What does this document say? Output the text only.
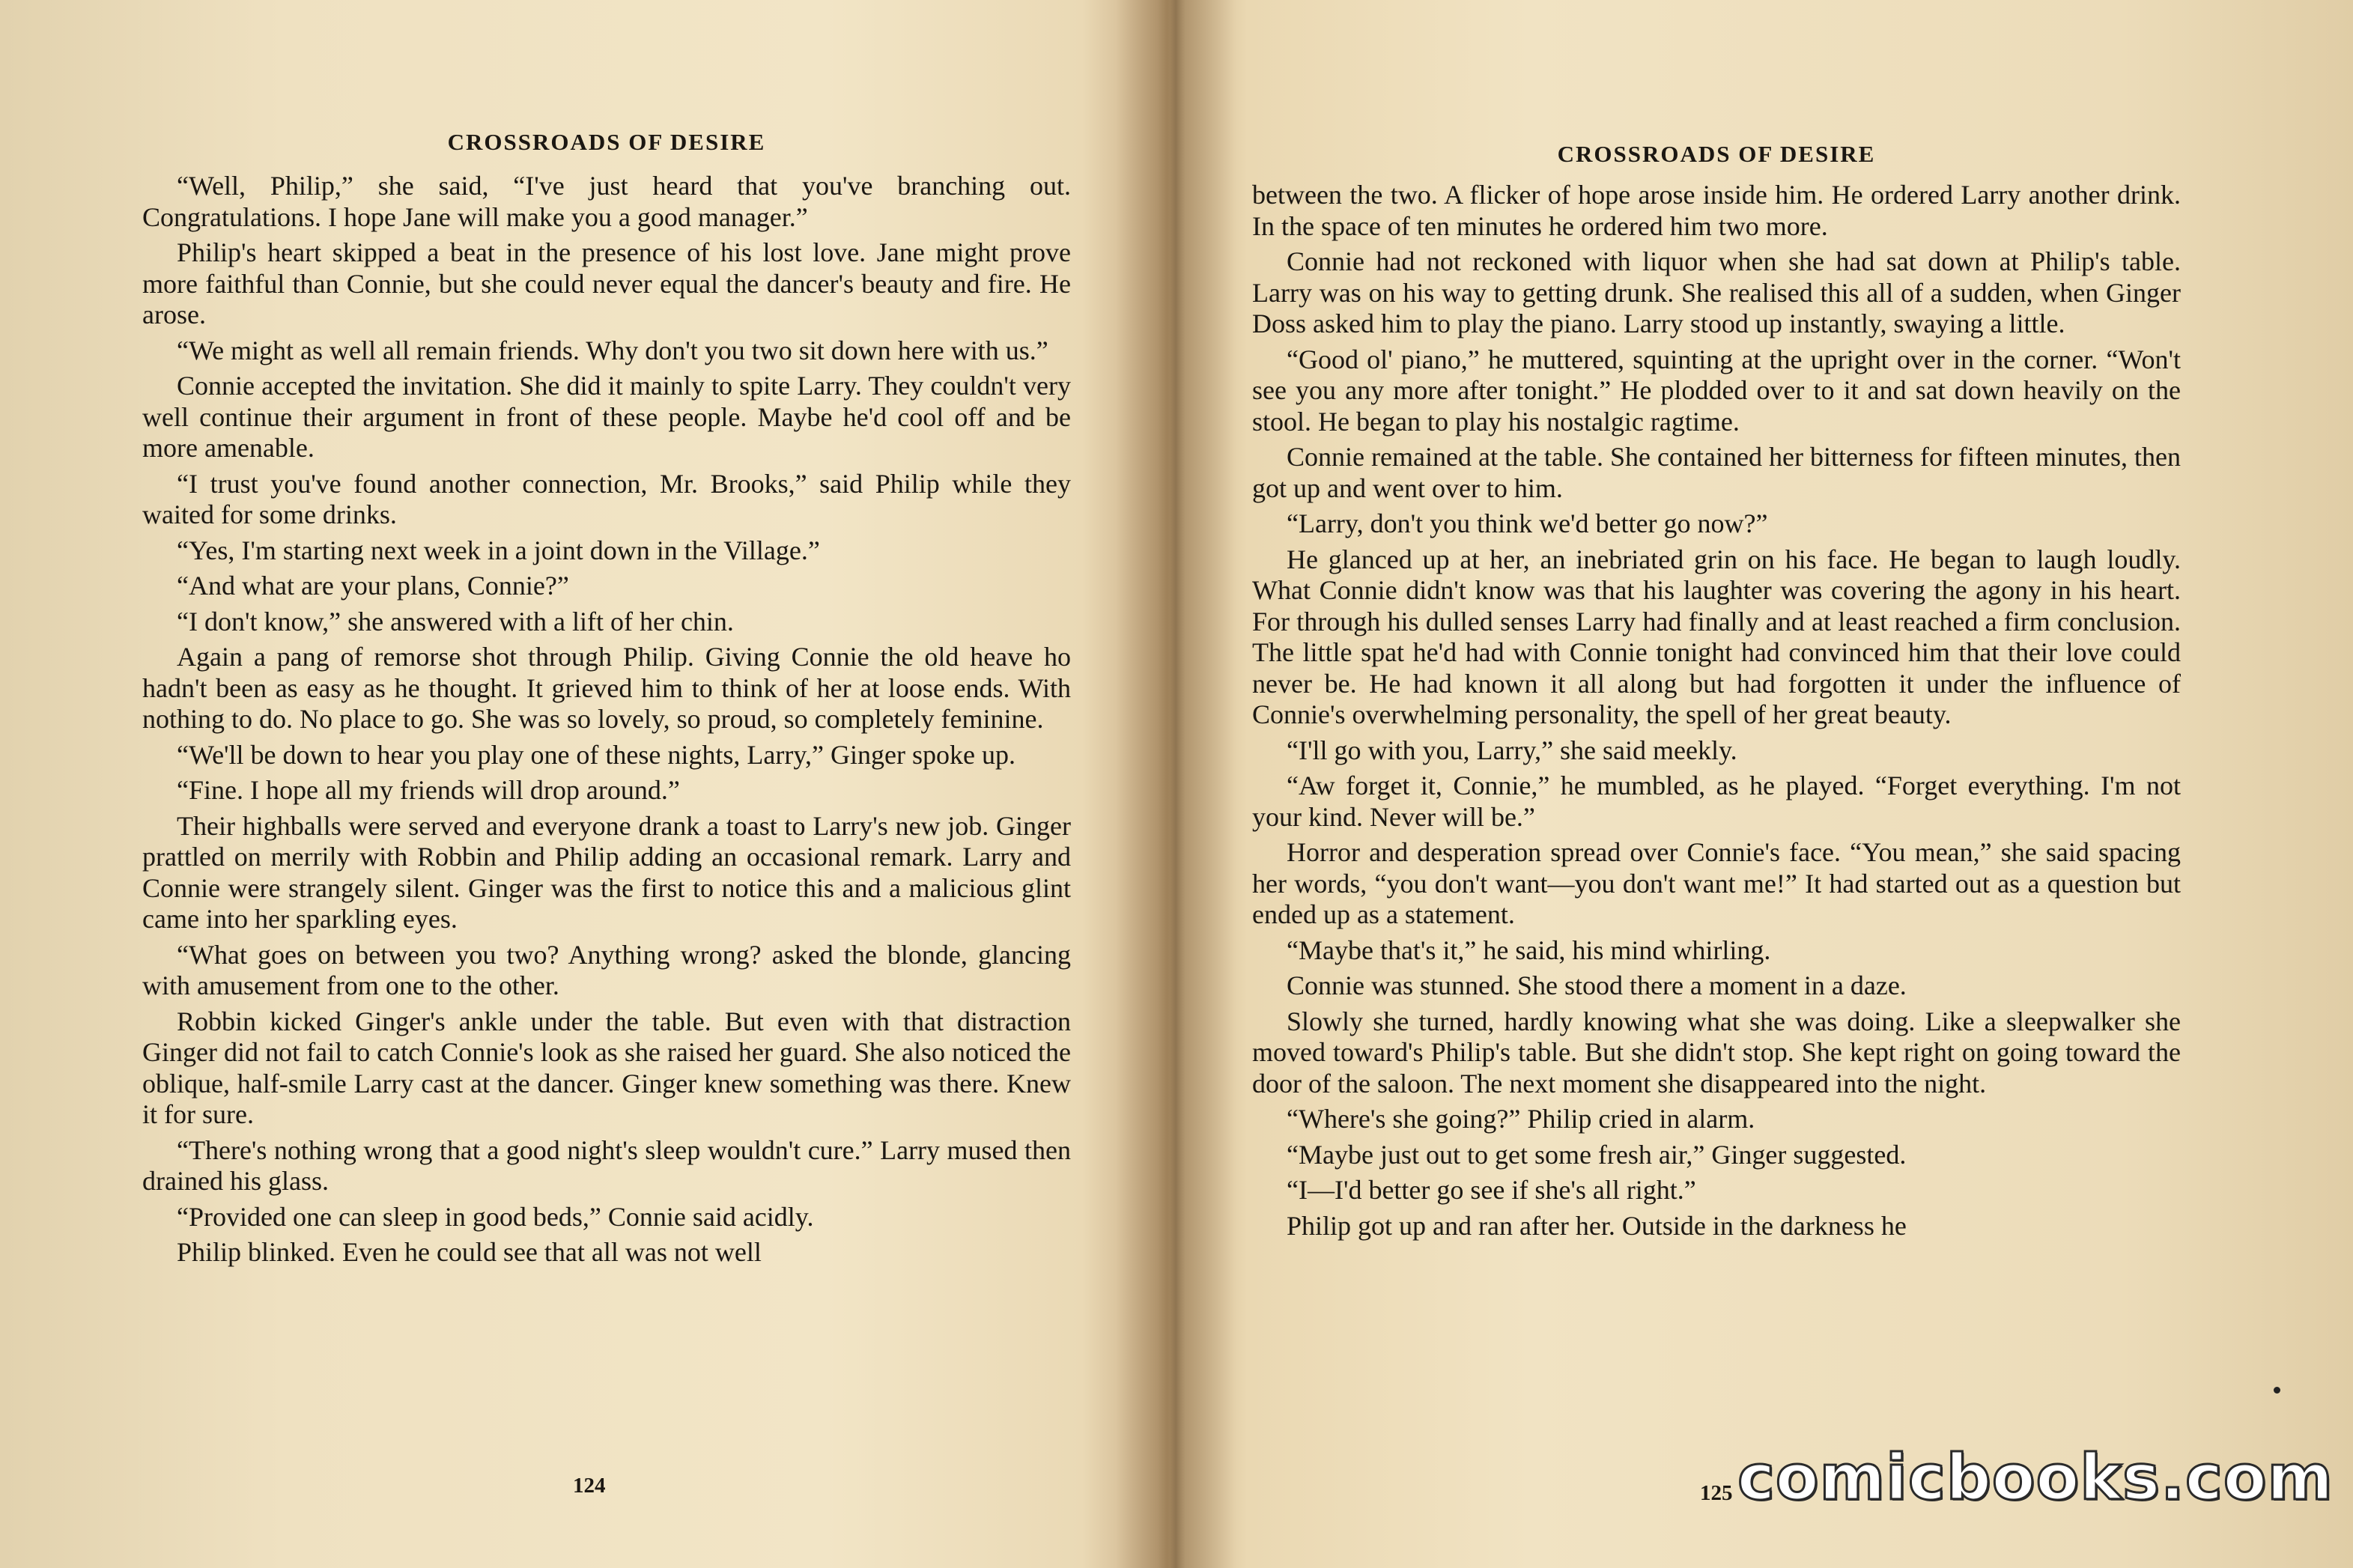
CROSSROADS OF DESIRE

“Well, Philip,” she said, “I've just heard that you've branching out. Congratulations. I hope Jane will make you a good manager.”

Philip's heart skipped a beat in the presence of his lost love. Jane might prove more faithful than Connie, but she could never equal the dancer's beauty and fire. He arose.

“We might as well all remain friends. Why don't you two sit down here with us.”

Connie accepted the invitation. She did it mainly to spite Larry. They couldn't very well continue their argument in front of these people. Maybe he'd cool off and be more amenable.

“I trust you've found another connection, Mr. Brooks,” said Philip while they waited for some drinks.

“Yes, I'm starting next week in a joint down in the Village.”

“And what are your plans, Connie?”

“I don't know,” she answered with a lift of her chin.

Again a pang of remorse shot through Philip. Giving Connie the old heave ho hadn't been as easy as he thought. It grieved him to think of her at loose ends. With nothing to do. No place to go. She was so lovely, so proud, so completely feminine.

“We'll be down to hear you play one of these nights, Larry,” Ginger spoke up.

“Fine. I hope all my friends will drop around.”

Their highballs were served and everyone drank a toast to Larry's new job. Ginger prattled on merrily with Robbin and Philip adding an occasional remark. Larry and Connie were strangely silent. Ginger was the first to notice this and a malicious glint came into her sparkling eyes.

“What goes on between you two? Anything wrong? asked the blonde, glancing with amusement from one to the other.

Robbin kicked Ginger's ankle under the table. But even with that distraction Ginger did not fail to catch Connie's look as she raised her guard. She also noticed the oblique, half-smile Larry cast at the dancer. Ginger knew something was there. Knew it for sure.

“There's nothing wrong that a good night's sleep wouldn't cure.” Larry mused then drained his glass.

“Provided one can sleep in good beds,” Connie said acidly.

Philip blinked. Even he could see that all was not well

124
CROSSROADS OF DESIRE

between the two. A flicker of hope arose inside him. He ordered Larry another drink. In the space of ten minutes he ordered him two more.

Connie had not reckoned with liquor when she had sat down at Philip's table. Larry was on his way to getting drunk. She realised this all of a sudden, when Ginger Doss asked him to play the piano. Larry stood up instantly, swaying a little.

“Good ol' piano,” he muttered, squinting at the upright over in the corner. “Won't see you any more after tonight.” He plodded over to it and sat down heavily on the stool. He began to play his nostalgic ragtime.

Connie remained at the table. She contained her bitterness for fifteen minutes, then got up and went over to him.

“Larry, don't you think we'd better go now?”

He glanced up at her, an inebriated grin on his face. He began to laugh loudly. What Connie didn't know was that his laughter was covering the agony in his heart. For through his dulled senses Larry had finally and at least reached a firm conclusion. The little spat he'd had with Connie tonight had convinced him that their love could never be. He had known it all along but had forgotten it under the influence of Connie's overwhelming personality, the spell of her great beauty.

“I'll go with you, Larry,” she said meekly.

“Aw forget it, Connie,” he mumbled, as he played. “Forget everything. I'm not your kind. Never will be.”

Horror and desperation spread over Connie's face. “You mean,” she said spacing her words, “you don't want—you don't want me!” It had started out as a question but ended up as a statement.

“Maybe that's it,” he said, his mind whirling.

Connie was stunned. She stood there a moment in a daze.

Slowly she turned, hardly knowing what she was doing. Like a sleepwalker she moved toward's Philip's table. But she didn't stop. She kept right on going toward the door of the saloon. The next moment she disappeared into the night.

“Where's she going?” Philip cried in alarm.

“Maybe just out to get some fresh air,” Ginger suggested.

“I—I'd better go see if she's all right.”

Philip got up and ran after her. Outside in the darkness he

125 comicbooks.com
